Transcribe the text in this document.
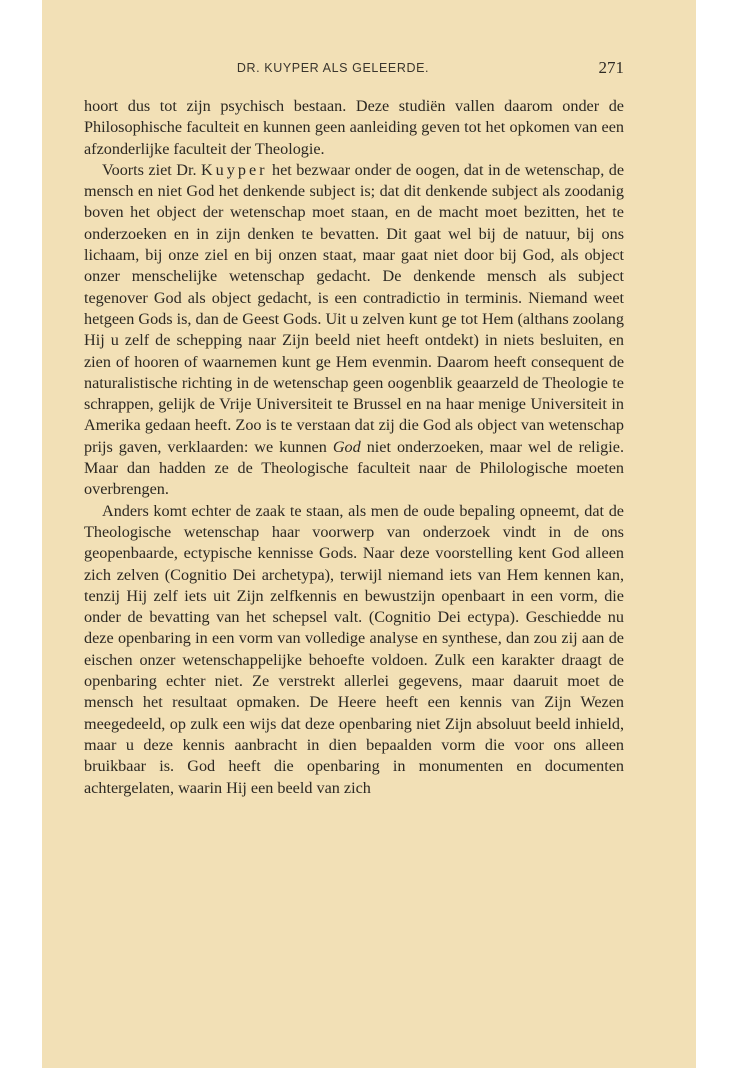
DR. KUYPER ALS GELEERDE.	271

hoort dus tot zijn psychisch bestaan. Deze studiën vallen daarom onder de Philosophische faculteit en kunnen geen aanleiding geven tot het opkomen van een afzonderlijke faculteit der Theologie.

Voorts ziet Dr. Kuyper het bezwaar onder de oogen, dat in de wetenschap, de mensch en niet God het denkende subject is; dat dit denkende subject als zoodanig boven het object der wetenschap moet staan, en de macht moet bezitten, het te onderzoeken en in zijn denken te bevatten. Dit gaat wel bij de natuur, bij ons lichaam, bij onze ziel en bij onzen staat, maar gaat niet door bij God, als object onzer menschelijke wetenschap gedacht. De denkende mensch als subject tegenover God als object gedacht, is een contradictio in terminis. Niemand weet hetgeen Gods is, dan de Geest Gods. Uit u zelven kunt ge tot Hem (althans zoolang Hij u zelf de schepping naar Zijn beeld niet heeft ontdekt) in niets besluiten, en zien of hooren of waarnemen kunt ge Hem evenmin. Daarom heeft consequent de naturalistische richting in de wetenschap geen oogenblik geaarzeld de Theologie te schrappen, gelijk de Vrije Universiteit te Brussel en na haar menige Universiteit in Amerika gedaan heeft. Zoo is te verstaan dat zij die God als object van wetenschap prijs gaven, verklaarden: we kunnen God niet onderzoeken, maar wel de religie. Maar dan hadden ze de Theologische faculteit naar de Philologische moeten overbrengen.

Anders komt echter de zaak te staan, als men de oude bepaling opneemt, dat de Theologische wetenschap haar voorwerp van onderzoek vindt in de ons geopenbaarde, ectypische kennisse Gods. Naar deze voorstelling kent God alleen zich zelven (Cognitio Dei archetypa), terwijl niemand iets van Hem kennen kan, tenzij Hij zelf iets uit Zijn zelfkennis en bewustzijn openbaart in een vorm, die onder de bevatting van het schepsel valt. (Cognitio Dei ectypa). Geschiedde nu deze openbaring in een vorm van volledige analyse en synthese, dan zou zij aan de eischen onzer wetenschappelijke behoefte voldoen. Zulk een karakter draagt de openbaring echter niet. Ze verstrekt allerlei gegevens, maar daaruit moet de mensch het resultaat opmaken. De Heere heeft een kennis van Zijn Wezen meegedeeld, op zulk een wijs dat deze openbaring niet Zijn absoluut beeld inhield, maar u deze kennis aanbracht in dien bepaalden vorm die voor ons alleen bruikbaar is. God heeft die openbaring in monumenten en documenten achtergelaten, waarin Hij een beeld van zich
